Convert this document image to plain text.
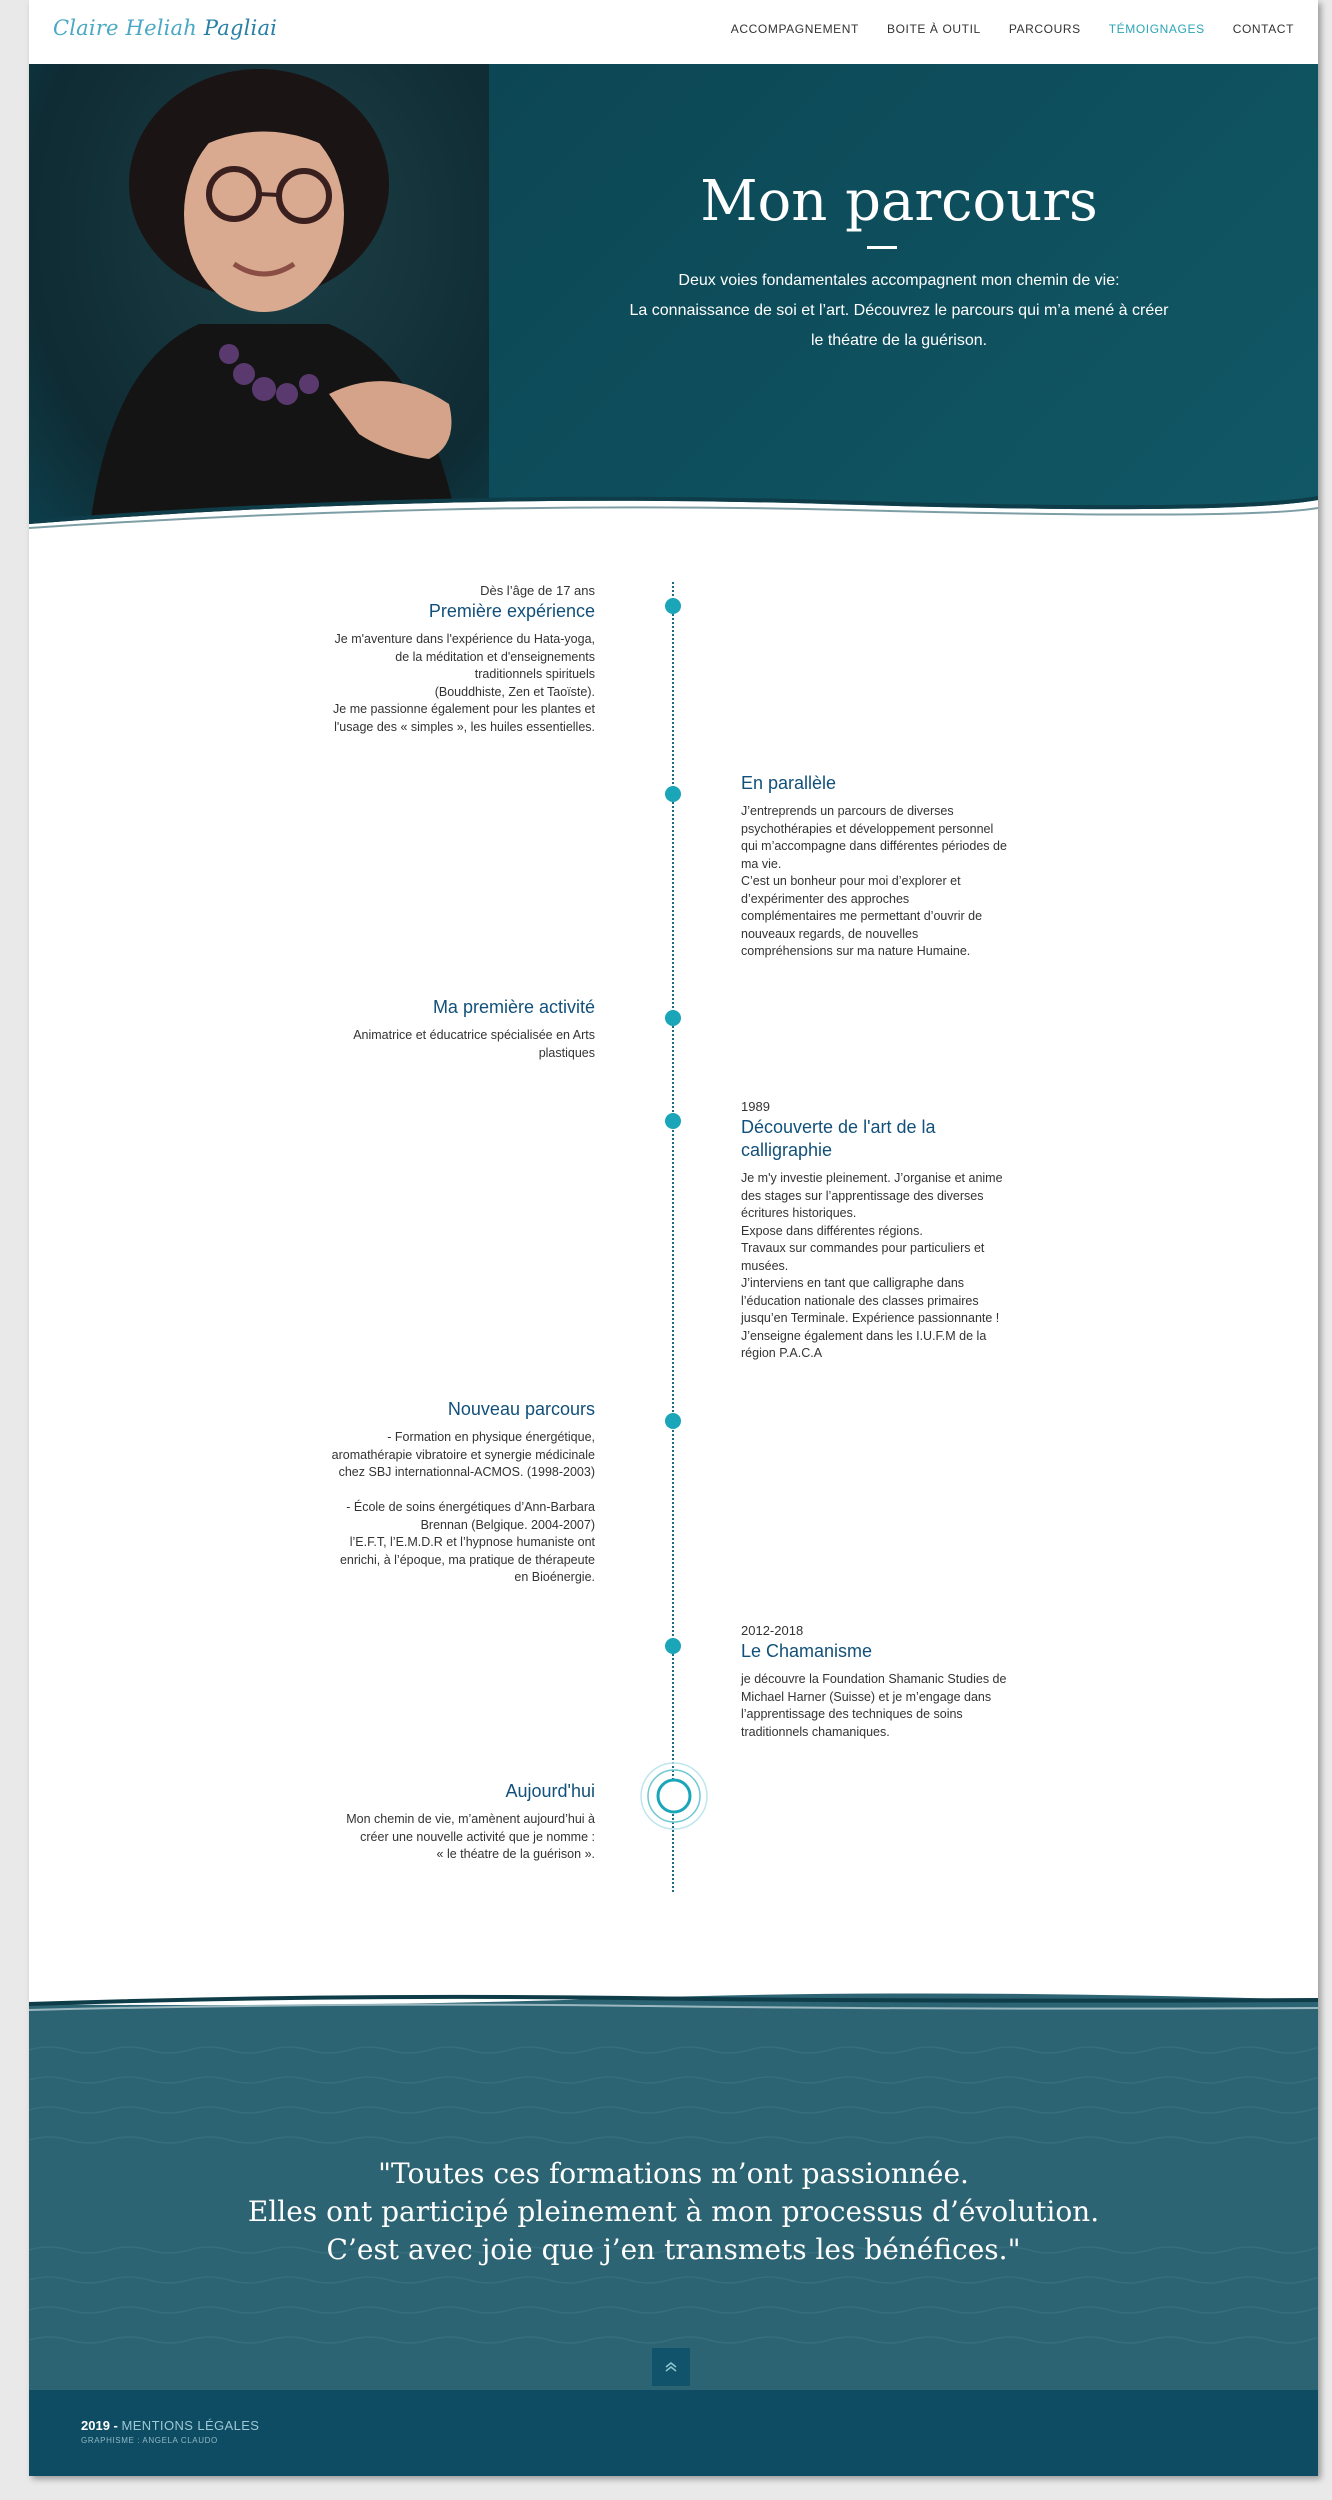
Claire Heliah Pagliai	ACCOMPAGNEMENT BOITE À OUTIL PARCOURS TÉMOIGNAGES CONTACT
Mon parcours
Deux voies fondamentales accompagnent mon chemin de vie:
La connaissance de soi et l’art. Découvrez le parcours qui m’a mené à créer
le théatre de la guérison.
Dès l’âge de 17 ans
Première expérience
Je m'aventure dans l'expérience du Hata-yoga,
de la méditation et d'enseignements
traditionnels spirituels
(Bouddhiste, Zen et Taoïste).
Je me passionne également pour les plantes et
l'usage des « simples », les huiles essentielles.
En parallèle
J’entreprends un parcours de diverses
psychothérapies et développement personnel
qui m’accompagne dans différentes périodes de
ma vie.
C’est un bonheur pour moi d’explorer et
d’expérimenter des approches
complémentaires me permettant d’ouvrir de
nouveaux regards, de nouvelles
compréhensions sur ma nature Humaine.
Ma première activité
Animatrice et éducatrice spécialisée en Arts
plastiques
1989
Découverte de l'art de la calligraphie
Je m'y investie pleinement. J’organise et anime
des stages sur l’apprentissage des diverses
écritures historiques.
Expose dans différentes régions.
Travaux sur commandes pour particuliers et
musées.
J’interviens en tant que calligraphe dans
l’éducation nationale des classes primaires
jusqu’en Terminale. Expérience passionnante !
J’enseigne également dans les I.U.F.M de la
région P.A.C.A
Nouveau parcours
- Formation en physique énergétique,
aromathérapie vibratoire et synergie médicinale
chez SBJ internationnal-ACMOS. (1998-2003)

- École de soins énergétiques d’Ann-Barbara
Brennan (Belgique. 2004-2007)
l’E.F.T, l’E.M.D.R et l’hypnose humaniste ont
enrichi, à l’époque, ma pratique de thérapeute
en Bioénergie.
2012-2018
Le Chamanisme
je découvre la Foundation Shamanic Studies de
Michael Harner (Suisse) et je m’engage dans
l’apprentissage des techniques de soins
traditionnels chamaniques.
Aujourd'hui
Mon chemin de vie, m’amènent aujourd’hui à
créer une nouvelle activité que je nomme :
« le théatre de la guérison ».

"Toutes ces formations m’ont passionnée.

Elles ont participé pleinement à mon processus d’évolution.

C’est avec joie que j’en transmets les bénéfices."

2019 - MENTIONS LÉGALES
GRAPHISME : ANGELA CLAUDO
